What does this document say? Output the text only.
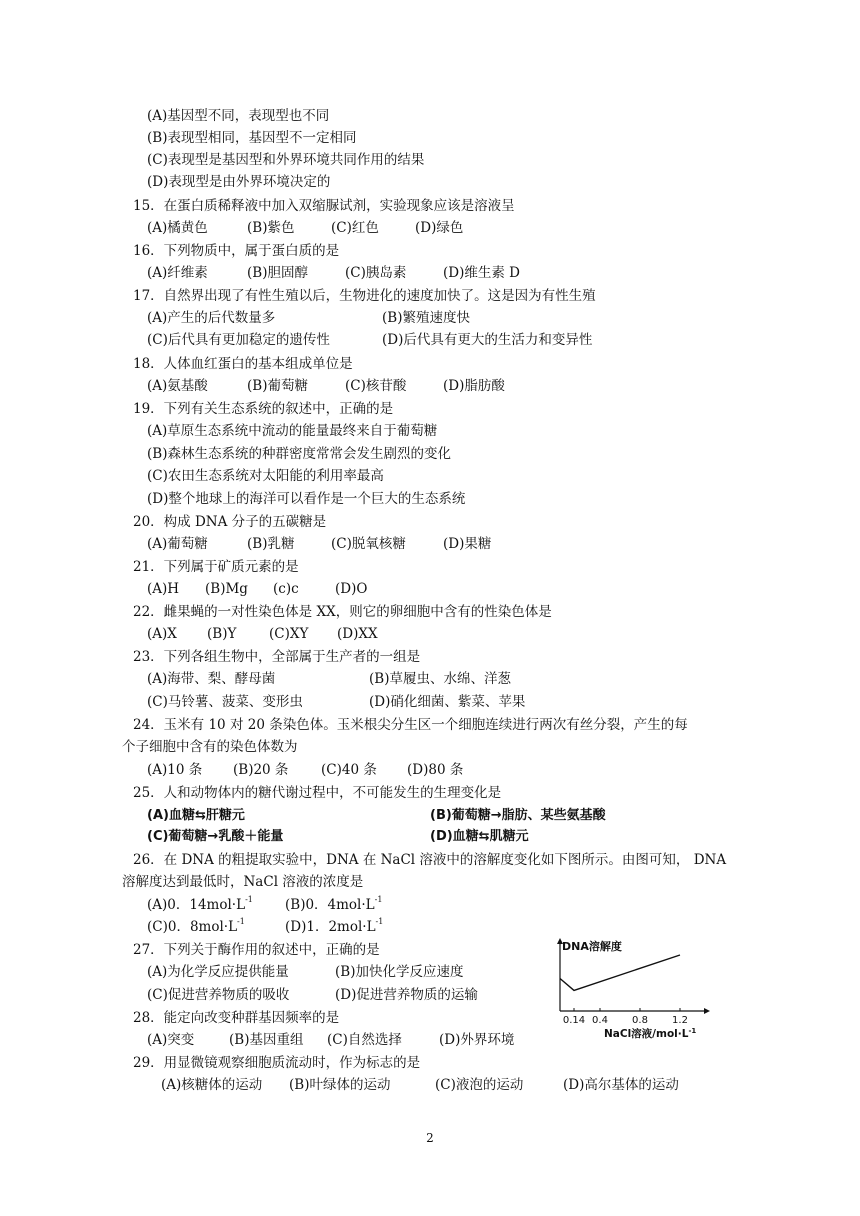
(A)基因型不同，表现型也不同
(B)表现型相同，基因型不一定相同
(C)表现型是基因型和外界环境共同作用的结果
(D)表现型是由外界环境决定的
15．在蛋白质稀释液中加入双缩脲试剂，实验现象应该是溶液呈
(A)橘黄色	(B)紫色	(C)红色	(D)绿色
16．下列物质中，属于蛋白质的是
(A)纤维素	(B)胆固醇	(C)胰岛素	(D)维生素 D
17．自然界出现了有性生殖以后，生物进化的速度加快了。这是因为有性生殖
(A)产生的后代数量多	(B)繁殖速度快
(C)后代具有更加稳定的遗传性	(D)后代具有更大的生活力和变异性
18．人体血红蛋白的基本组成单位是
(A)氨基酸	(B)葡萄糖	(C)核苷酸	(D)脂肪酸
19．下列有关生态系统的叙述中，正确的是
(A)草原生态系统中流动的能量最终来自于葡萄糖
(B)森林生态系统的种群密度常常会发生剧烈的变化
(C)农田生态系统对太阳能的利用率最高
(D)整个地球上的海洋可以看作是一个巨大的生态系统
20．构成 DNA 分子的五碳糖是
(A)葡萄糖	(B)乳糖	(C)脱氧核糖	(D)果糖
21．下列属于矿质元素的是
(A)H (B)Mg (c)c	(D)O
22．雌果蝇的一对性染色体是 XX，则它的卵细胞中含有的性染色体是
(A)X (B)Y (C)XY (D)XX
23．下列各组生物中，全部属于生产者的一组是
(A)海带、梨、酵母菌	(B)草履虫、水绵、洋葱
(C)马铃薯、菠菜、变形虫	(D)硝化细菌、紫菜、苹果
24．玉米有 10 对 20 条染色体。玉米根尖分生区一个细胞连续进行两次有丝分裂，产生的每
个子细胞中含有的染色体数为
(A)10 条 (B)20 条 (C)40 条 (D)80 条
25．人和动物体内的糖代谢过程中，不可能发生的生理变化是
(A)血糖⇆肝糖元	(B)葡萄糖→脂肪、某些氨基酸
(C)葡萄糖→乳酸＋能量	(D)血糖⇆肌糖元
26．在 DNA 的粗提取实验中，DNA 在 NaCl 溶液中的溶解度变化如下图所示。由图可知， DNA
溶解度达到最低时，NaCl 溶液的浓度是
(A)0．$14mol\cdot L^{-1}$ (B)0．$4mol\cdot L^{-1}$
(C)0．$8mol\cdot L^{-1}$	(D)1．$2mol\cdot L^{-1}$
27．下列关于酶作用的叙述中，正确的是
(A)为化学反应提供能量	(B)加快化学反应速度
(C)促进营养物质的吸收	(D)促进营养物质的运输
28．能定向改变种群基因频率的是
(A)突变	(B)基因重组 (C)自然选择	(D)外界环境
29．用显微镜观察细胞质流动时，作为标志的是
(A)核糖体的运动 (B)叶绿体的运动	(C)液泡的运动	(D)高尔基体的运动
DNA溶解度
0.14 0.4 0.8 1.2
NaCl溶液$/mol\cdot L^{-1}$
2
